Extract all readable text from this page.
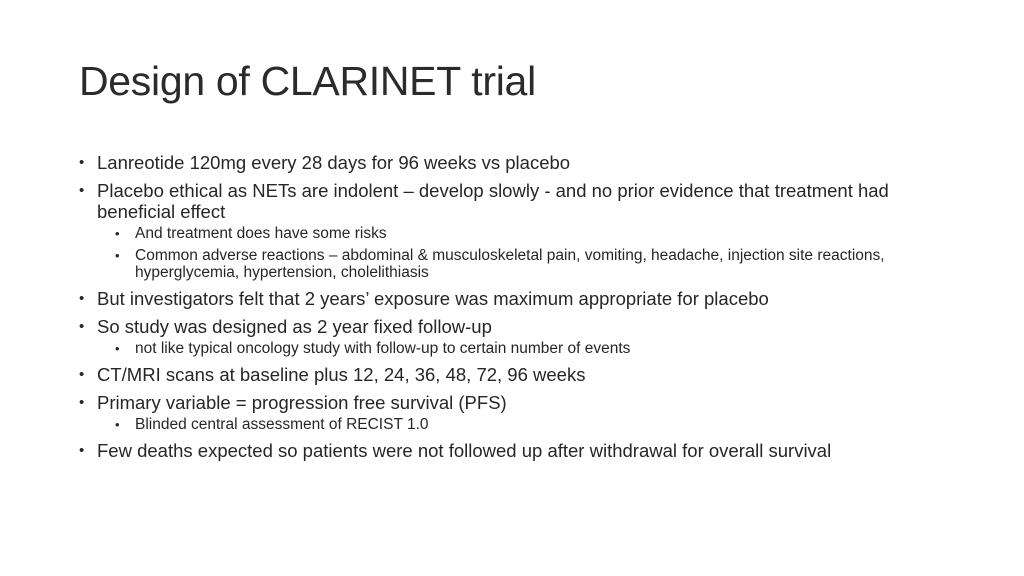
Design of CLARINET trial
• Lanreotide 120mg every 28 days for 96 weeks vs placebo
• Placebo ethical as NETs are indolent – develop slowly - and no prior evidence that treatment had beneficial effect
• And treatment does have some risks
• Common adverse reactions – abdominal & musculoskeletal pain, vomiting, headache, injection site reactions, hyperglycemia, hypertension, cholelithiasis
• But investigators felt that 2 years’ exposure was maximum appropriate for placebo
• So study was designed as 2 year fixed follow-up
• not like typical oncology study with follow-up to certain number of events
• CT/MRI scans at baseline plus 12, 24, 36, 48, 72, 96 weeks
• Primary variable = progression free survival (PFS)
• Blinded central assessment of RECIST 1.0
• Few deaths expected so patients were not followed up after withdrawal for overall survival
